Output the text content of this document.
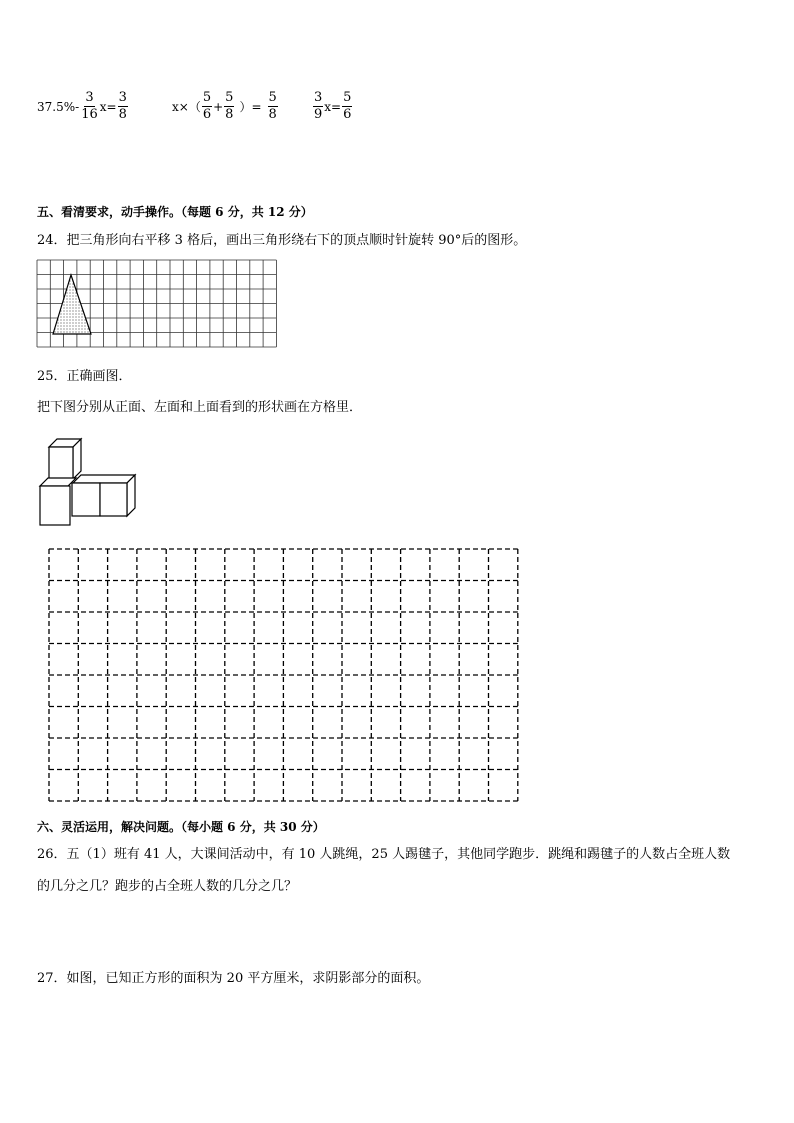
$37.5\%- \frac{3}{16} x= \frac{3}{8}$	$x\times( \frac{5}{6} + \frac{5}{8}$ ）= $\frac{5}{8}$	$\frac{3}{9} x= \frac{5}{6}$
五、看清要求，动手操作。（每题 6 分，共 12 分）
24．把三角形向右平移 3 格后，画出三角形绕右下的顶点顺时针旋转 90°后的图形。
25．正确画图．
把下图分别从正面、左面和上面看到的形状画在方格里．
六、灵活运用，解决问题。（每小题 6 分，共 30 分）
26．五（1）班有 41 人，大课间活动中，有 10 人跳绳，25 人踢毽子，其他同学跑步．跳绳和踢毽子的人数占全班人数
的几分之几？跑步的占全班人数的几分之几？
27．如图，已知正方形的面积为 20 平方厘米，求阴影部分的面积。
